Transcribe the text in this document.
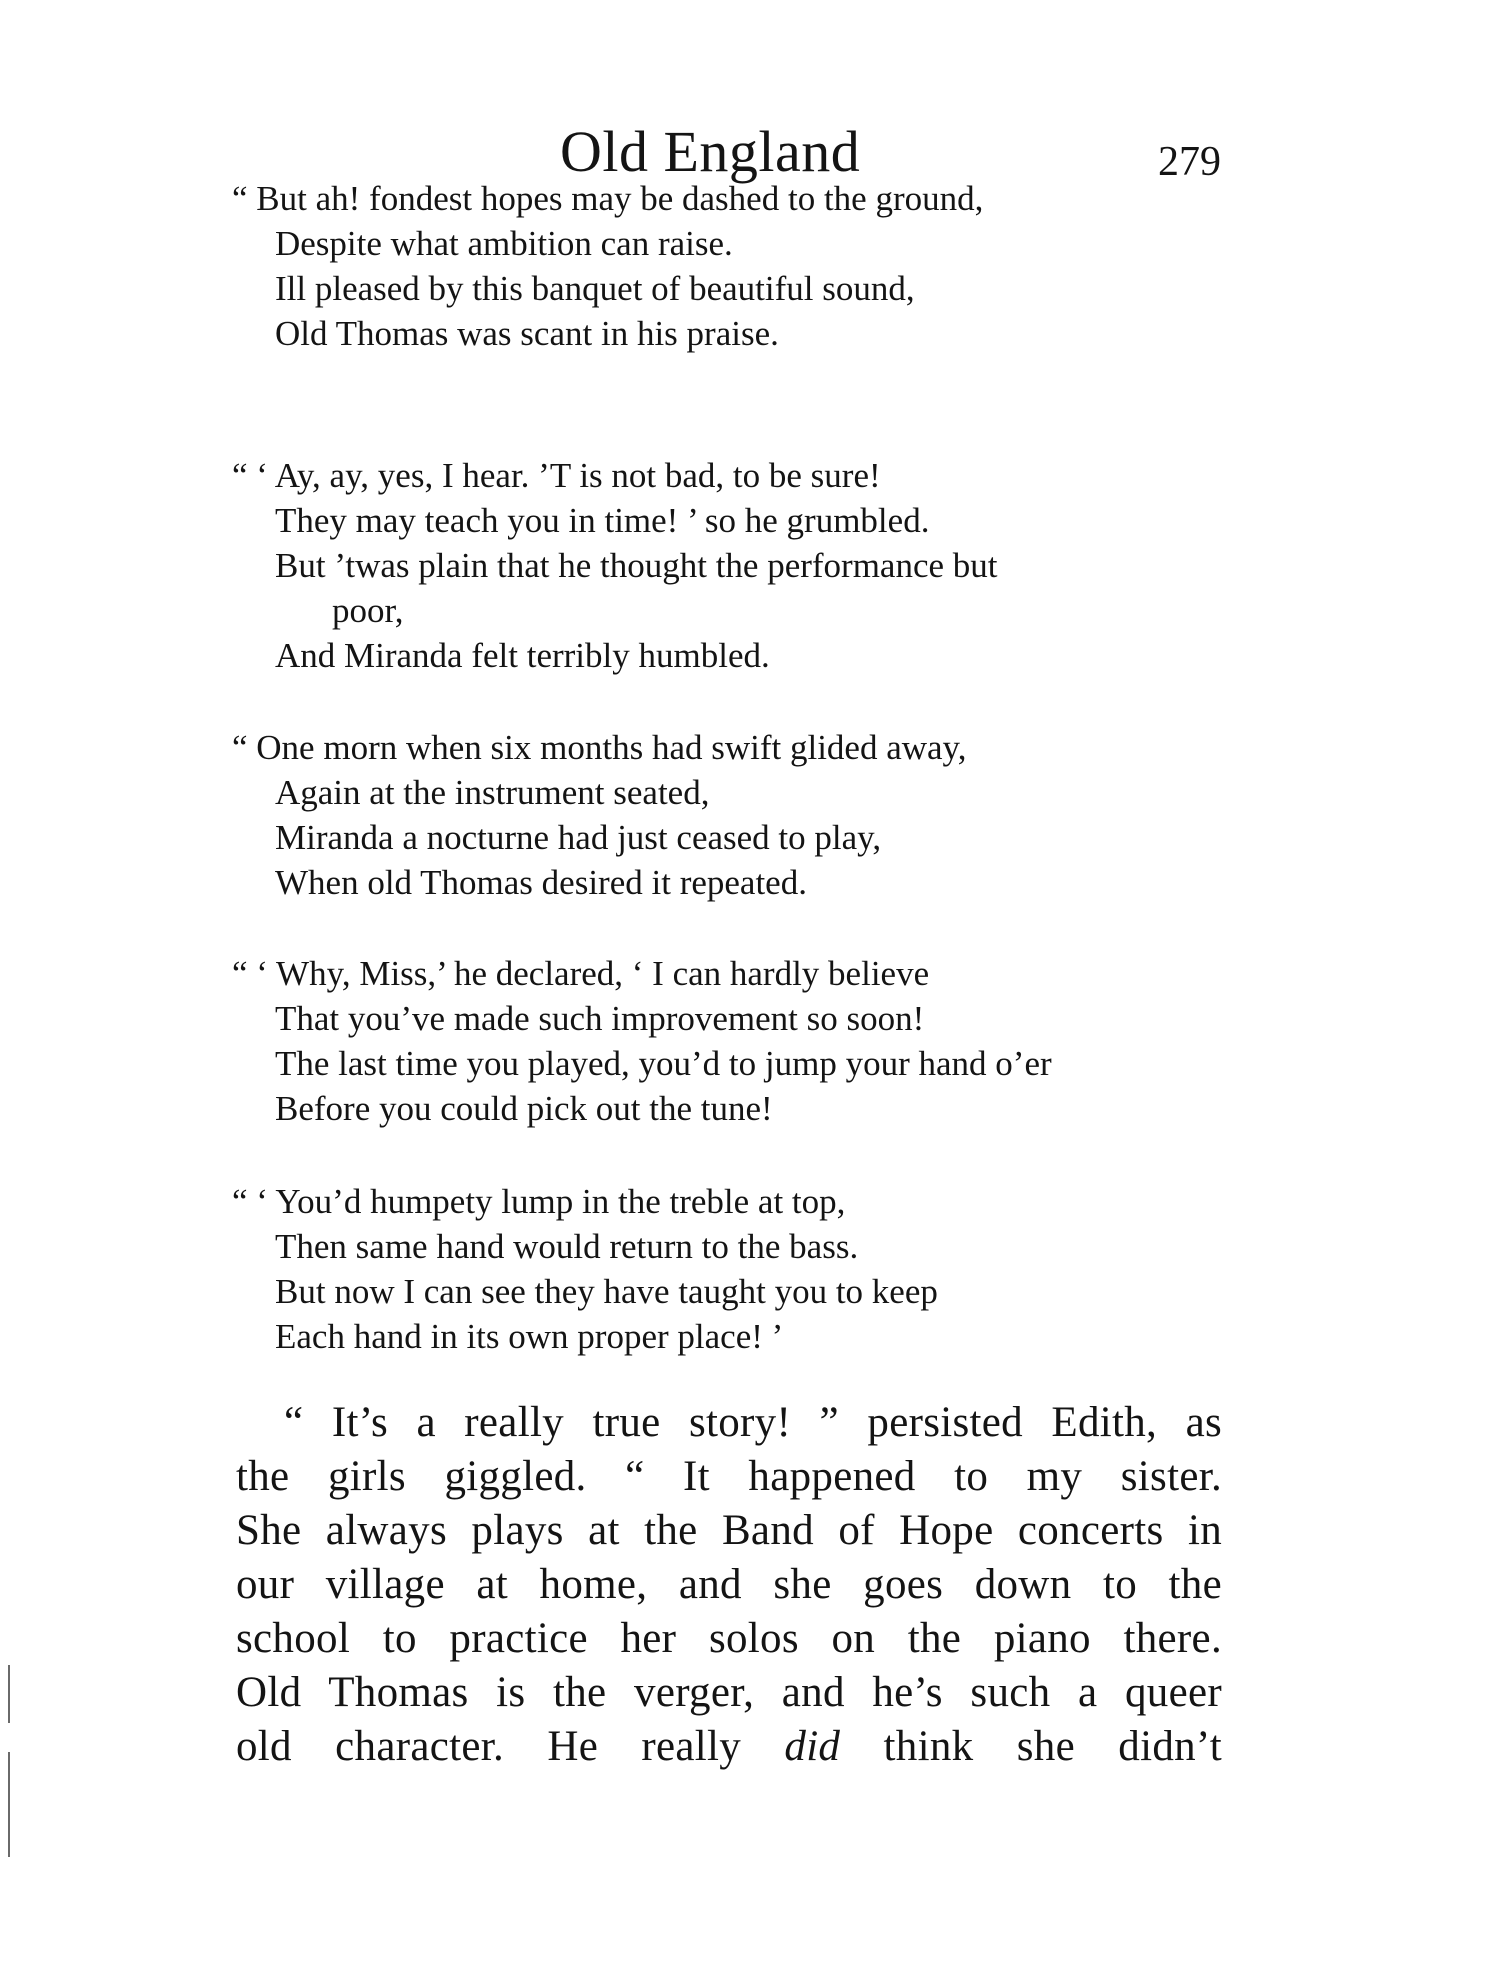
Old England	279
“ But ah! fondest hopes may be dashed to the ground,
Despite what ambition can raise.
Ill pleased by this banquet of beautiful sound,
Old Thomas was scant in his praise.
“ ‘ Ay, ay, yes, I hear. ’T is not bad, to be sure!
They may teach you in time! ’ so he grumbled.
But ’twas plain that he thought the performance but
poor,
And Miranda felt terribly humbled.
“ One morn when six months had swift glided away,
Again at the instrument seated,
Miranda a nocturne had just ceased to play,
When old Thomas desired it repeated.
“ ‘ Why, Miss,’ he declared, ‘ I can hardly believe
That you’ve made such improvement so soon!
The last time you played, you’d to jump your hand o’er
Before you could pick out the tune!
“ ‘ You’d humpety lump in the treble at top,
Then same hand would return to the bass.
But now I can see they have taught you to keep
Each hand in its own proper place! ’
“ It’s a really true story! ” persisted Edith, as
the girls giggled. “ It happened to my sister.
She always plays at the Band of Hope concerts in
our village at home, and she goes down to the
school to practice her solos on the piano there.
Old Thomas is the verger, and he’s such a queer
old character. He really did think she didn’t
